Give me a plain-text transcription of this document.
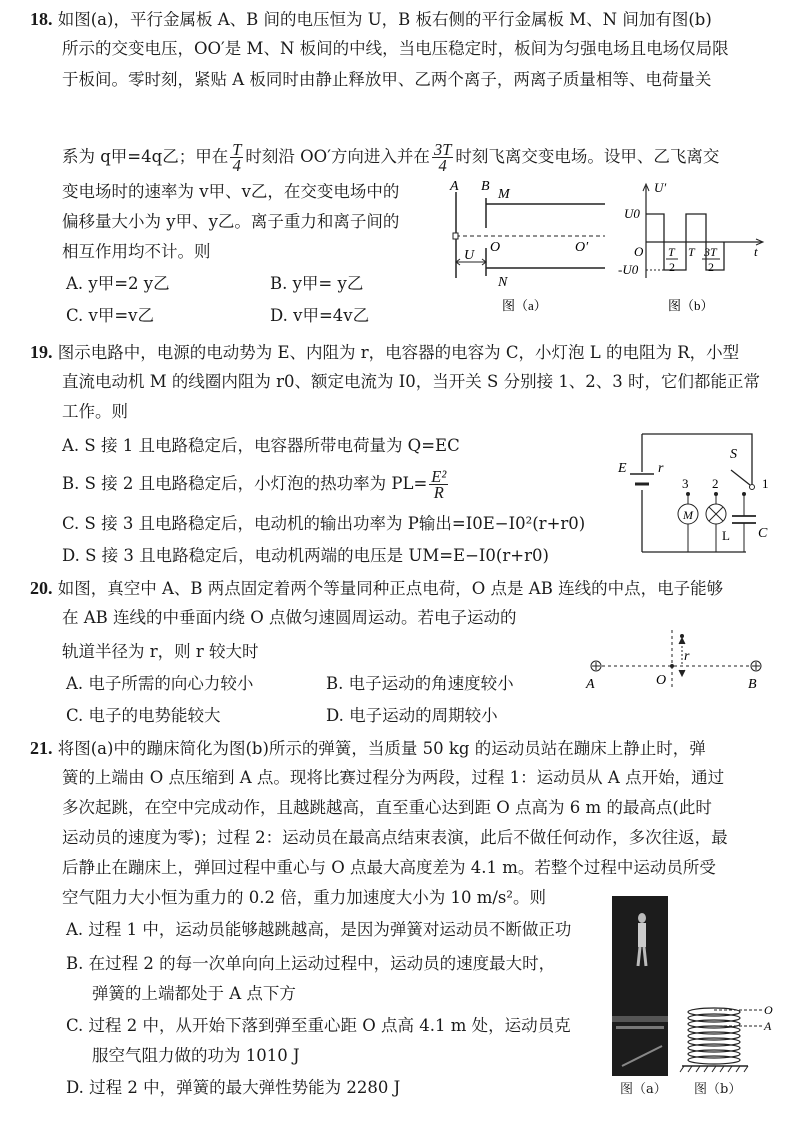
18. 如图(a)，平行金属板 A、B 间的电压恒为 U，B 板右侧的平行金属板 M、N 间加有图(b)
所示的交变电压，OO′是 M、N 板间的中线，当电压稳定时，板间为匀强电场且电场仅局限
于板间。零时刻，紧贴 A 板同时由静止释放甲、乙两个离子，两离子质量相等、电荷量关
系为 q甲=4q乙；甲在 $\frac{T}{4}$ 时刻沿 OO′方向进入并在 $\frac{3T}{4}$ 时刻飞离交变电场。设甲、乙飞离交
变电场时的速率为 v甲、v乙，在交变电场中的
偏移量大小为 y甲、y乙。离子重力和离子间的
相互作用均不计。则
A. y甲=2 y乙	B. y甲= y乙
C. v甲=v乙	D. v甲=4v乙
A B
M
N
O	O′
U
图（a）
U′
U0
-U0
O T
2
T 3T
2
t
图（b）
19. 图示电路中，电源的电动势为 E、内阻为 r，电容器的电容为 C，小灯泡 L 的电阻为 R，小型
直流电动机 M 的线圈内阻为 r0、额定电流为 I0，当开关 S 分别接 1、2、3 时，它们都能正常
工作。则
A. S 接 1 且电路稳定后，电容器所带电荷量为 Q=EC
B. S 接 2 且电路稳定后，小灯泡的热功率为 $PL= \frac{\text{E²}}{R}$
C. S 接 3 且电路稳定后，电动机的输出功率为 P输出=I0E−I0²(r+r0)
D. S 接 3 且电路稳定后，电动机两端的电压是 UM=E−I0(r+r0)
E r
S
3 2	1
M
L C
20. 如图，真空中 A、B 两点固定着两个等量同种正点电荷，O 点是 AB 连线的中点，电子能够
在 AB 连线的中垂面内绕 O 点做匀速圆周运动。若电子运动的
轨道半径为 r，则 r 较大时
A. 电子所需的向心力较小	B. 电子运动的角速度较小
C. 电子的电势能较大	D. 电子运动的周期较小
A	O	B
r
21. 将图(a)中的蹦床简化为图(b)所示的弹簧，当质量 50 kg 的运动员站在蹦床上静止时，弹
簧的上端由 O 点压缩到 A 点。现将比赛过程分为两段，过程 1：运动员从 A 点开始，通过
多次起跳，在空中完成动作，且越跳越高，直至重心达到距 O 点高为 6 m 的最高点(此时
运动员的速度为零)；过程 2：运动员在最高点结束表演，此后不做任何动作，多次往返，最
后静止在蹦床上，弹回过程中重心与 O 点最大高度差为 4.1 m。若整个过程中运动员所受
空气阻力大小恒为重力的 0.2 倍，重力加速度大小为 10 m/s²。则
A. 过程 1 中，运动员能够越跳越高，是因为弹簧对运动员不断做正功
B. 在过程 2 的每一次单向向上运动过程中，运动员的速度最大时，
弹簧的上端都处于 A 点下方
C. 过程 2 中，从开始下落到弹至重心距 O 点高 4.1 m 处，运动员克
服空气阻力做的功为 1010 J
D. 过程 2 中，弹簧的最大弹性势能为 2280 J	图（a）
O
A
图（b）
